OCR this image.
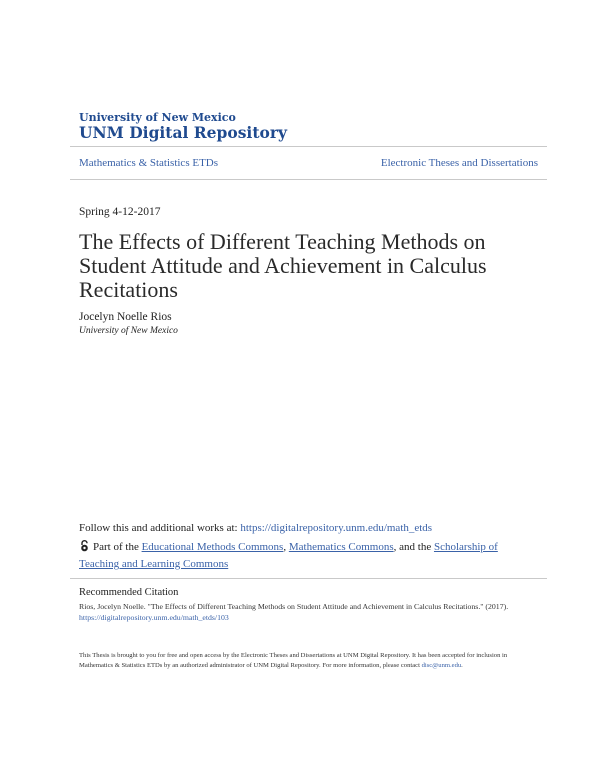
University of New Mexico
UNM Digital Repository
Mathematics & Statistics ETDs	Electronic Theses and Dissertations
Spring 4-12-2017
The Effects of Different Teaching Methods on Student Attitude and Achievement in Calculus Recitations
Jocelyn Noelle Rios
University of New Mexico
Follow this and additional works at: https://digitalrepository.unm.edu/math_etds
Part of the Educational Methods Commons, Mathematics Commons, and the Scholarship of Teaching and Learning Commons
Recommended Citation
Rios, Jocelyn Noelle. "The Effects of Different Teaching Methods on Student Attitude and Achievement in Calculus Recitations." (2017). https://digitalrepository.unm.edu/math_etds/103
This Thesis is brought to you for free and open access by the Electronic Theses and Dissertations at UNM Digital Repository. It has been accepted for inclusion in Mathematics & Statistics ETDs by an authorized administrator of UNM Digital Repository. For more information, please contact disc@unm.edu.
